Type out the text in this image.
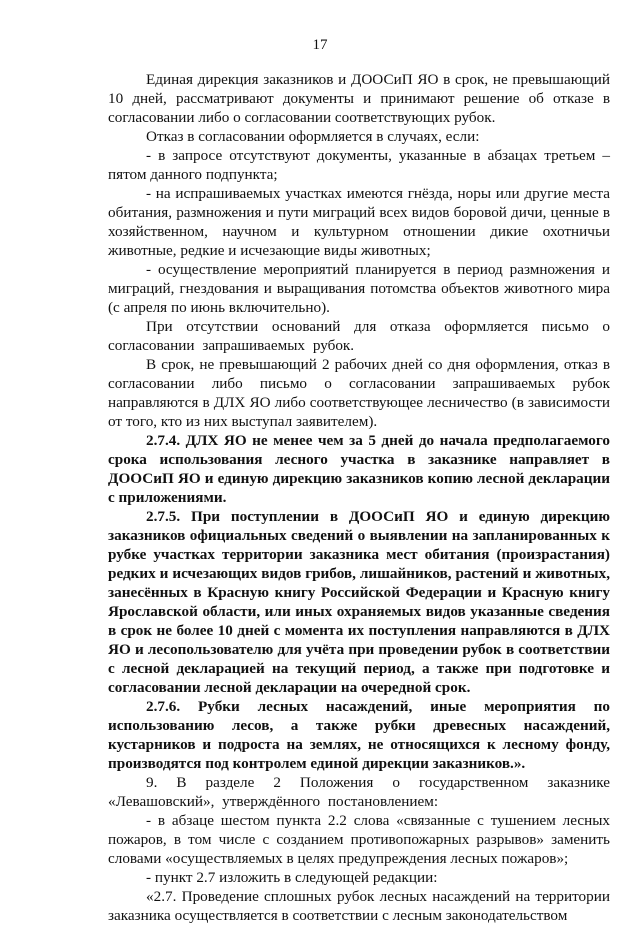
17

Единая дирекция заказников и ДООСиП ЯО в срок, не превышающий 10 дней, рассматривают документы и принимают решение об отказе в согласовании либо о согласовании соответствующих рубок.

Отказ в согласовании оформляется в случаях, если:

- в запросе отсутствуют документы, указанные в абзацах третьем – пятом данного подпункта;

- на испрашиваемых участках имеются гнёзда, норы или другие места обитания, размножения и пути миграций всех видов боровой дичи, ценные в хозяйственном, научном и культурном отношении дикие охотничьи животные, редкие и исчезающие виды животных;

- осуществление мероприятий планируется в период размножения и миграций, гнездования и выращивания потомства объектов животного мира (с апреля по июнь включительно).

При отсутствии оснований для отказа оформляется письмо о согласовании запрашиваемых рубок.

В срок, не превышающий 2 рабочих дней со дня оформления, отказ в согласовании либо письмо о согласовании запрашиваемых рубок направляются в ДЛХ ЯО либо соответствующее лесничество (в зависимости от того, кто из них выступал заявителем).

2.7.4. ДЛХ ЯО не менее чем за 5 дней до начала предполагаемого срока использования лесного участка в заказнике направляет в ДООСиП ЯО и единую дирекцию заказников копию лесной декларации с приложениями.

2.7.5. При поступлении в ДООСиП ЯО и единую дирекцию заказников официальных сведений о выявлении на запланированных к рубке участках территории заказника мест обитания (произрастания) редких и исчезающих видов грибов, лишайников, растений и животных, занесённых в Красную книгу Российской Федерации и Красную книгу Ярославской области, или иных охраняемых видов указанные сведения в срок не более 10 дней с момента их поступления направляются в ДЛХ ЯО и лесопользователю для учёта при проведении рубок в соответствии с лесной декларацией на текущий период, а также при подготовке и согласовании лесной декларации на очередной срок.

2.7.6. Рубки лесных насаждений, иные мероприятия по использованию лесов, а также рубки древесных насаждений, кустарников и подроста на землях, не относящихся к лесному фонду, производятся под контролем единой дирекции заказников.».

9. В разделе 2 Положения о государственном заказнике «Левашовский», утверждённого постановлением:

- в абзаце шестом пункта 2.2 слова «связанные с тушением лесных пожаров, в том числе с созданием противопожарных разрывов» заменить словами «осуществляемых в целях предупреждения лесных пожаров»;

- пункт 2.7 изложить в следующей редакции:

«2.7. Проведение сплошных рубок лесных насаждений на территории заказника осуществляется в соответствии с лесным законодательством
